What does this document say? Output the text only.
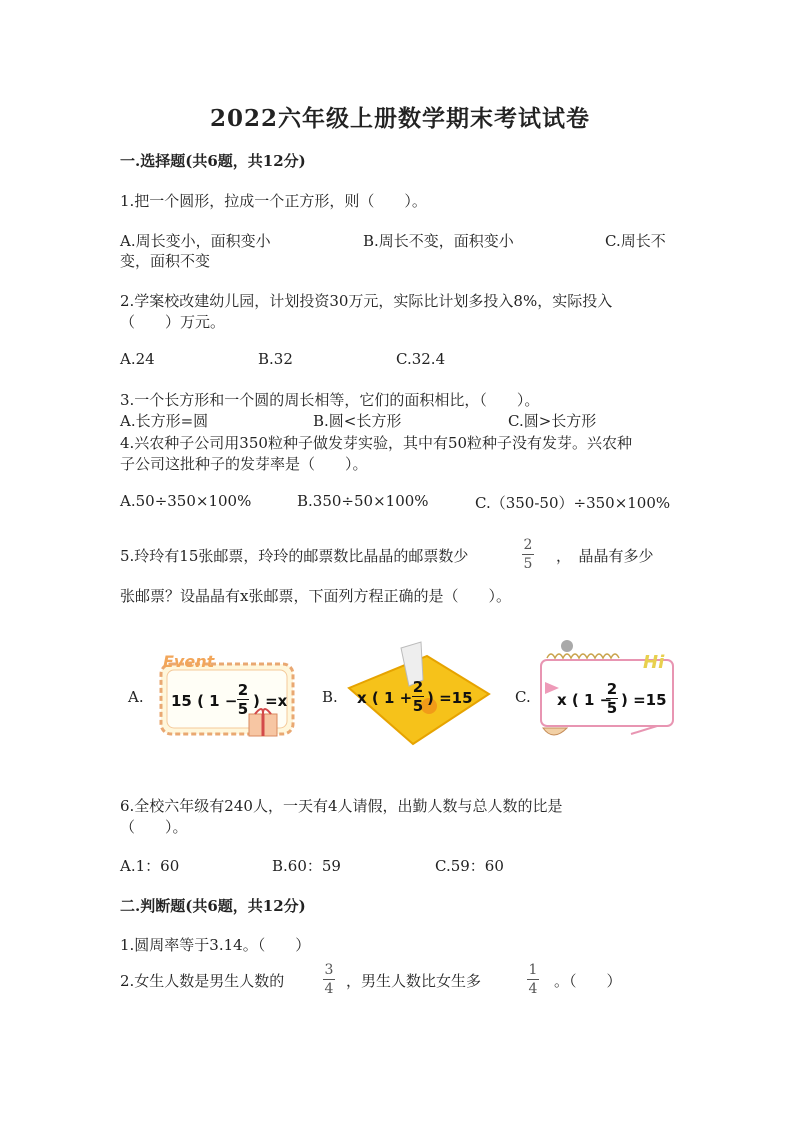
2022六年级上册数学期末考试试卷
一.选择题(共6题，共12分)
1.把一个圆形，拉成一个正方形，则（　　）。
A.周长变小，面积变小	B.周长不变，面积变小	C.周长不
变，面积不变
2.学案校改建幼儿园，计划投资30万元，实际比计划多投入8%，实际投入
（　　）万元。
A.24	B.32	C.32.4
3.一个长方形和一个圆的周长相等，它们的面积相比，（　　）。
A.长方形=圆	B.圆<长方形	C.圆>长方形
4.兴农种子公司用350粒种子做发芽实验，其中有50粒种子没有发芽。兴农种
子公司这批种子的发芽率是（　　）。
A.50÷350×100%	B.350÷50×100%	C.（350-50）÷350×100%
5.玲玲有15张邮票，玲玲的邮票数比晶晶的邮票数少
2
5 ，　晶晶有多少
张邮票？设晶晶有x张邮票，下面列方程正确的是（　　）。
A.
Event
15 ( 1 −
2
5 ) =x B. x ( 1 +
2
5 ) =15	C.
Hi
x ( 1 −
2
5 ) =15
6.全校六年级有240人，一天有4人请假，出勤人数与总人数的比是
（　　）。
A.1：60	B.60：59	C.59：60
二.判断题(共6题，共12分)
1.圆周率等于3.14。（　　）
2.女生人数是男生人数的
3
4 ，男生人数比女生多
1
4 。（　　）
